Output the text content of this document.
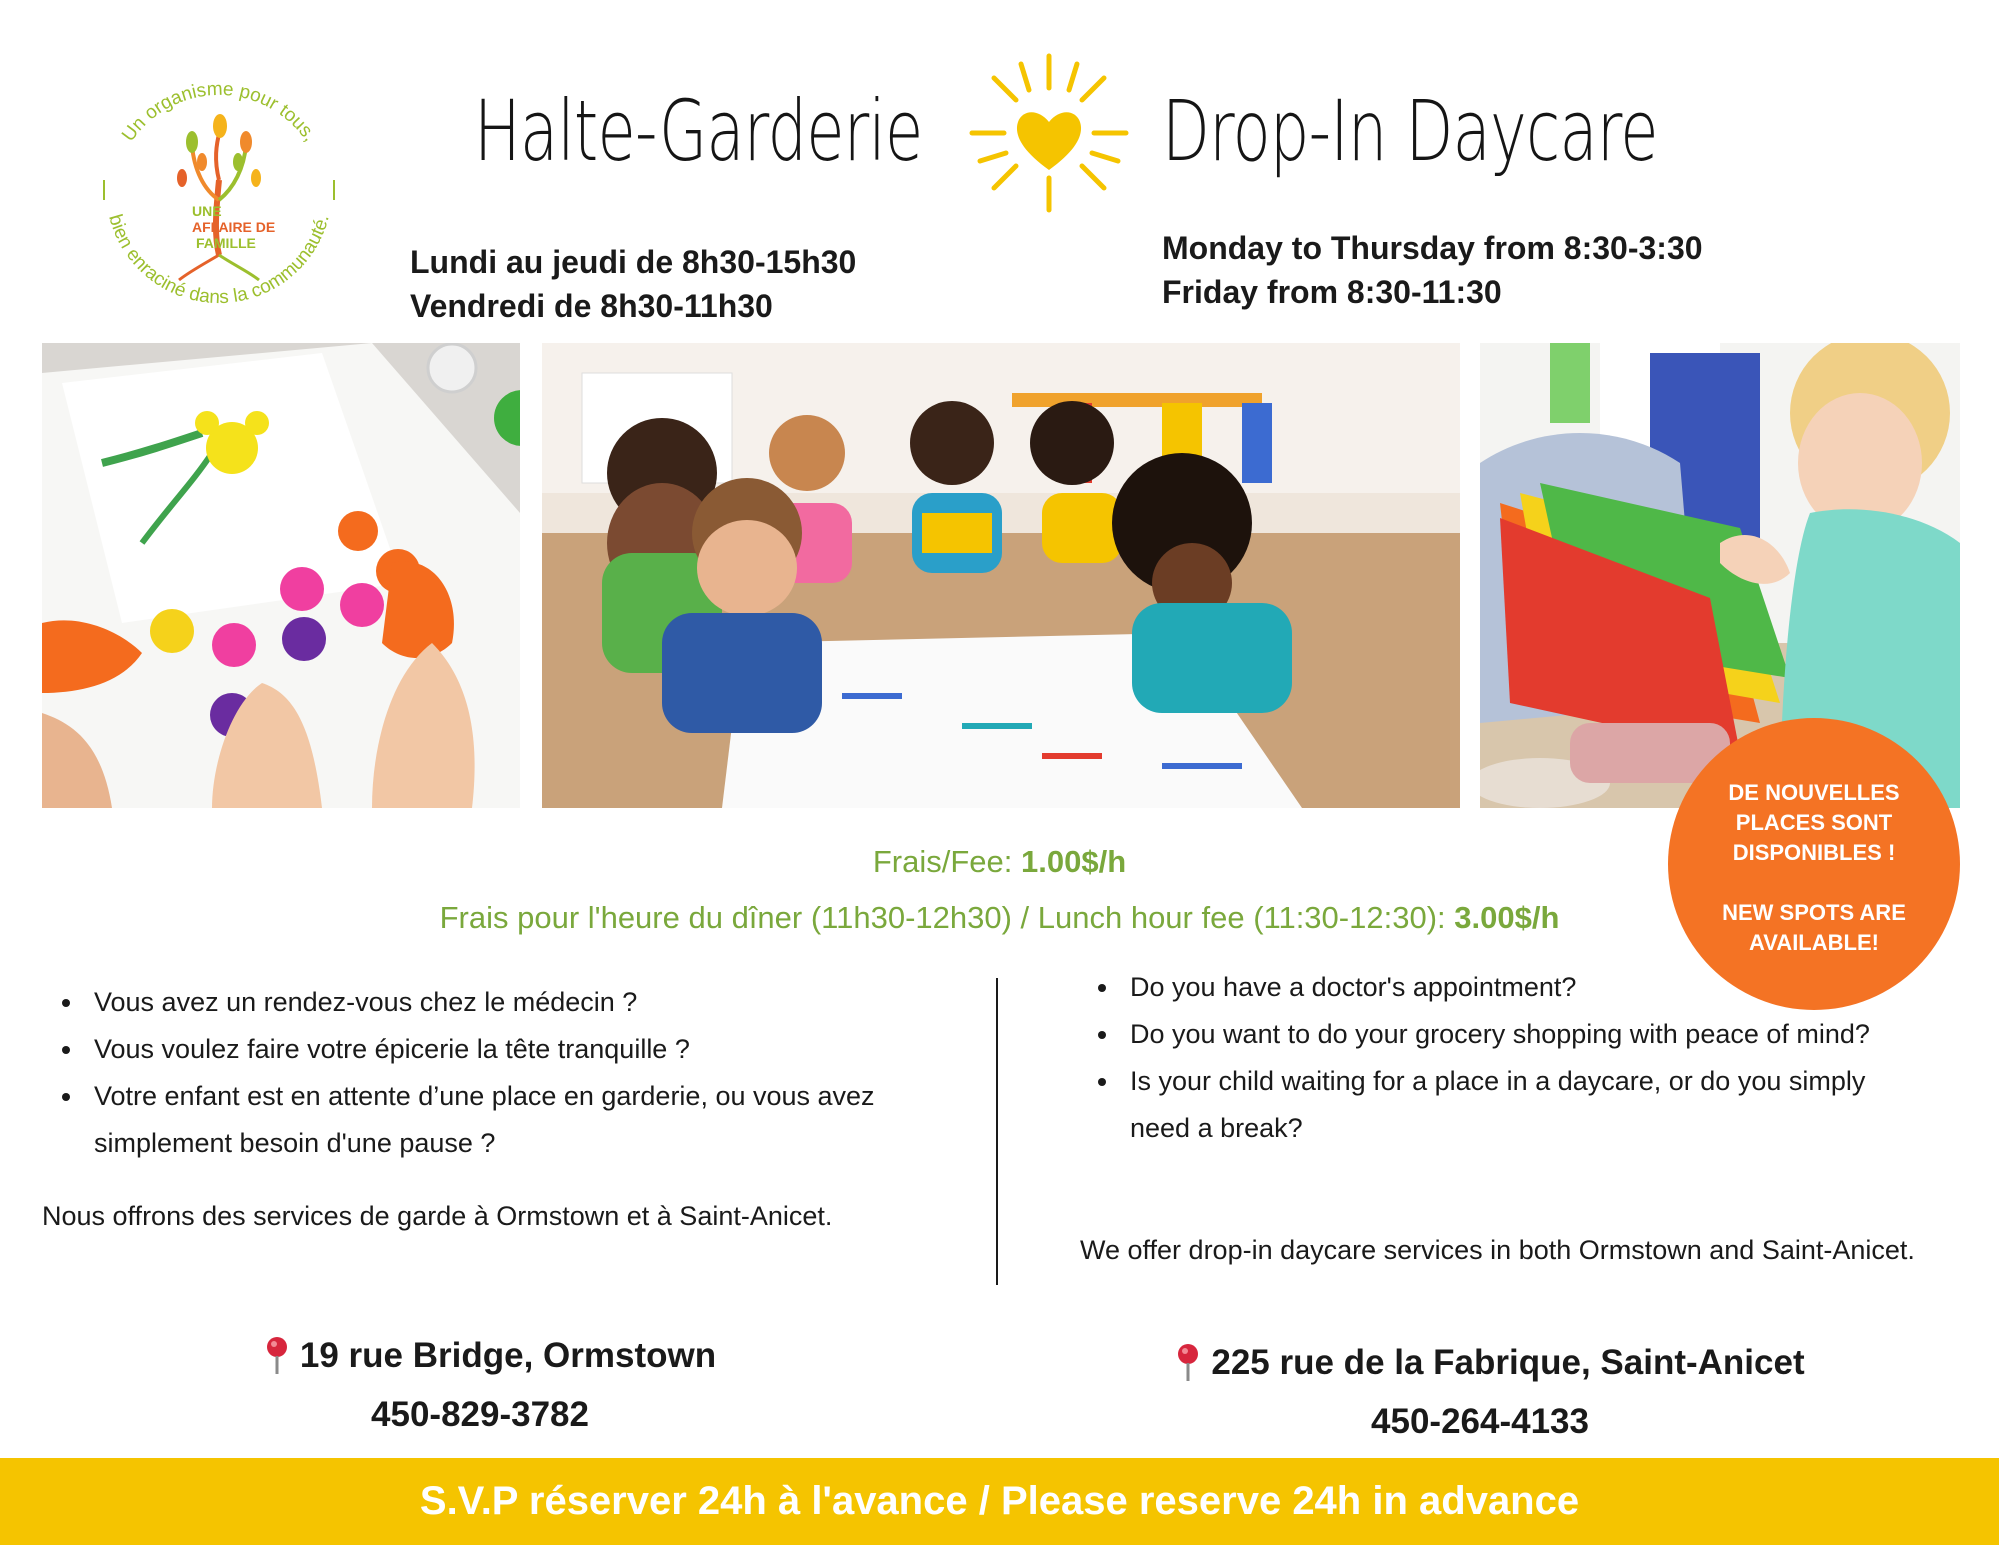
Un organisme pour tous,
bien enraciné dans la communauté.
UNE
AFFAIRE DE
FAMILLE
Halte-Garderie	Drop-In Daycare
Lundi au jeudi de 8h30-15h30
Vendredi de 8h30-11h30
Monday to Thursday from 8:30-3:30
Friday from 8:30-11:30
DE NOUVELLES
PLACES SONT
DISPONIBLES !
NEW SPOTS ARE
AVAILABLE!
Frais/Fee: 1.00$/h
Frais pour l'heure du dîner (11h30-12h30) / Lunch hour fee (11:30-12:30): 3.00$/h
Vous avez un rendez-vous chez le médecin ?
Vous voulez faire votre épicerie la tête tranquille ?
Votre enfant est en attente d’une place en garderie, ou vous avez simplement besoin d'une pause ?
Do you have a doctor's appointment?
Do you want to do your grocery shopping with peace of mind?
Is your child waiting for a place in a daycare, or do you simply need a break?
Nous offrons des services de garde à Ormstown et à Saint-Anicet.
We offer drop-in daycare services in both Ormstown and Saint-Anicet.
19 rue Bridge, Ormstown
450-829-3782
225 rue de la Fabrique, Saint-Anicet
450-264-4133
S.V.P réserver 24h à l'avance / Please reserve 24h in advance
